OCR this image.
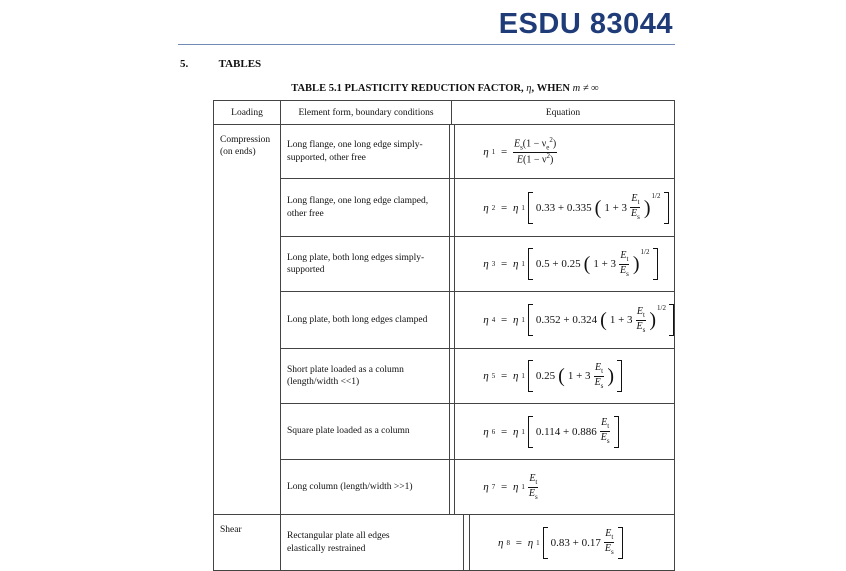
ESDU 83044
5.	TABLES
TABLE 5.1 PLASTICITY REDUCTION FACTOR, η, WHEN m ≠ ∞
Loading	Element form, boundary conditions	Equation

Compression
(on ends)

Long flange, one long edge simply-
supported, other free		η $1 = \frac{E_s(1 - \nu_e^2)}{E(1 - \nu^2)}$

Long flange, one long edge clamped,
other free		η 2 = η 1 0.33 + 0.335 ( $1 + 3 \frac{E_t}{E_s}$ )
$^{1/2}$

Long plate, both long edges simply-
supported		η 3 = η 1 0.5 + 0.25 ( $1 + 3 \frac{E_t}{E_s}$ )
$^{1/2}$

Long plate, both long edges clamped		η 4 = η 1 0.352 + 0.324 ( $1 + 3 \frac{E_t}{E_s}$ )
$^{1/2}$

Short plate loaded as a column
(length/width <<1)		η 5 = η 1 0.25 ( $1 + 3 \frac{E_t}{E_s}$ )

Square plate loaded as a column		η 6 = η 1 $0.114 + 0.886 \frac{E_t}{E_s}$

Long column (length/width >>1)		η 7 = η $1 \frac{E_t}{E_s}$

Shear

Rectangular plate all edges
elastically restrained		η 8 = η 1 $0.83 + 0.17 \frac{E_t}{E_s}$
